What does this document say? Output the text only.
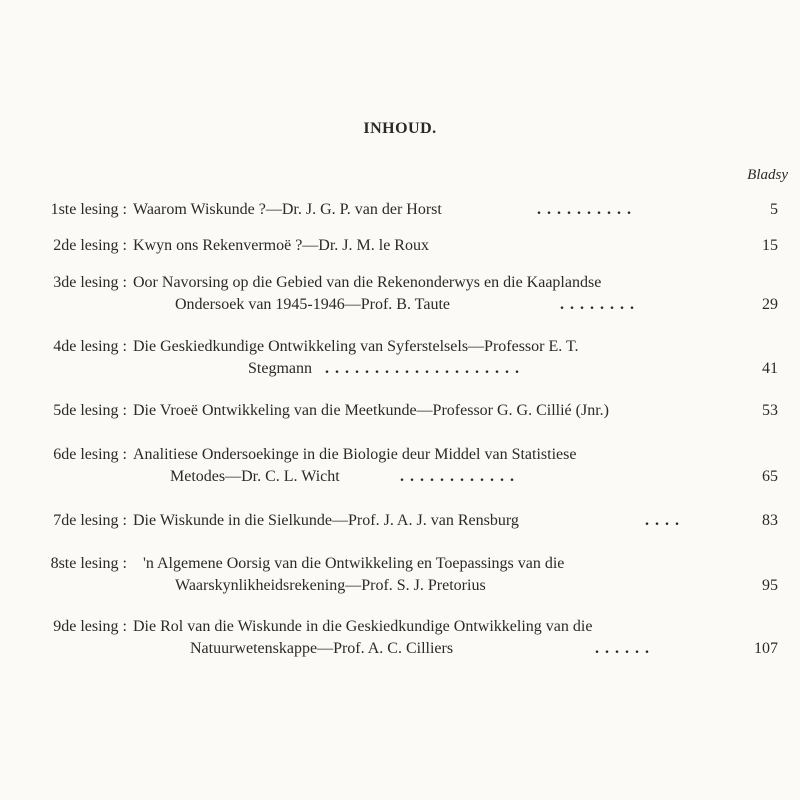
INHOUD.
Bladsy
1ste lesing : Waarom Wiskunde ?—Dr. J. G. P. van der Horst	. . . . . . . . . .	5
2de lesing : Kwyn ons Rekenvermoë ?—Dr. J. M. le Roux	15
3de lesing : Oor Navorsing op die Gebied van die Rekenonderwys en die Kaaplandse
Ondersoek van 1945-1946—Prof. B. Taute	. . . . . . . .	29
4de lesing : Die Geskiedkundige Ontwikkeling van Syferstelsels—Professor E. T.
Stegmann . . . . . . . . . . . . . . . . . . . .	41
5de lesing : Die Vroeë Ontwikkeling van die Meetkunde—Professor G. G. Cillié (Jnr.)	53
6de lesing : Analitiese Ondersoekinge in die Biologie deur Middel van Statistiese
Metodes—Dr. C. L. Wicht	. . . . . . . . . . . .	65
7de lesing : Die Wiskunde in die Sielkunde—Prof. J. A. J. van Rensburg	. . . .	83
8ste lesing : 'n Algemene Oorsig van die Ontwikkeling en Toepassings van die
Waarskynlikheidsrekening—Prof. S. J. Pretorius	95
9de lesing : Die Rol van die Wiskunde in die Geskiedkundige Ontwikkeling van die
Natuurwetenskappe—Prof. A. C. Cilliers	. . . . . .	107
